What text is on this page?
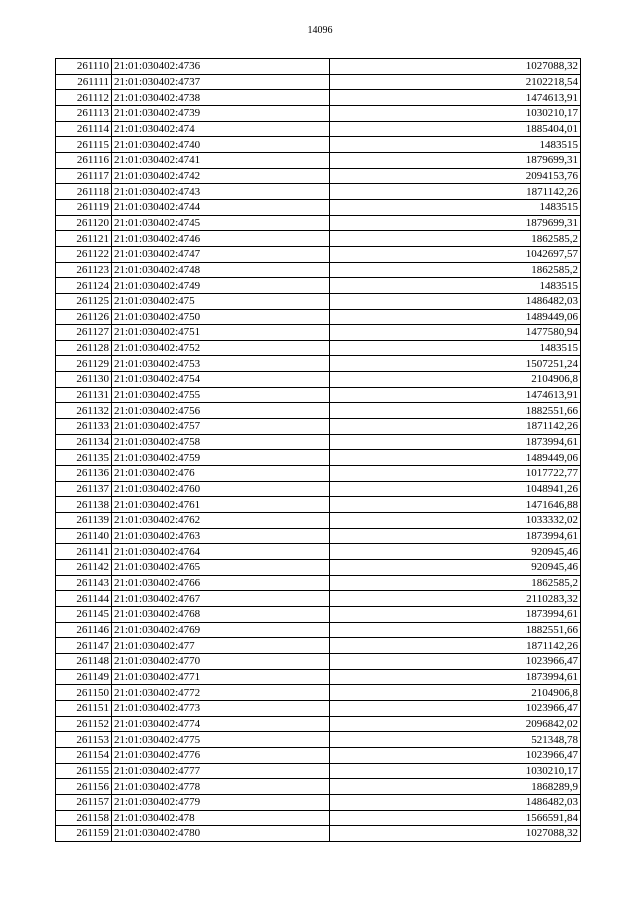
14096
261110	21:01:030402:4736	1027088,32
261111	21:01:030402:4737	2102218,54
261112	21:01:030402:4738	1474613,91
261113	21:01:030402:4739	1030210,17
261114	21:01:030402:474	1885404,01
261115	21:01:030402:4740	1483515
261116	21:01:030402:4741	1879699,31
261117	21:01:030402:4742	2094153,76
261118	21:01:030402:4743	1871142,26
261119	21:01:030402:4744	1483515
261120	21:01:030402:4745	1879699,31
261121	21:01:030402:4746	1862585,2
261122	21:01:030402:4747	1042697,57
261123	21:01:030402:4748	1862585,2
261124	21:01:030402:4749	1483515
261125	21:01:030402:475	1486482,03
261126	21:01:030402:4750	1489449,06
261127	21:01:030402:4751	1477580,94
261128	21:01:030402:4752	1483515
261129	21:01:030402:4753	1507251,24
261130	21:01:030402:4754	2104906,8
261131	21:01:030402:4755	1474613,91
261132	21:01:030402:4756	1882551,66
261133	21:01:030402:4757	1871142,26
261134	21:01:030402:4758	1873994,61
261135	21:01:030402:4759	1489449,06
261136	21:01:030402:476	1017722,77
261137	21:01:030402:4760	1048941,26
261138	21:01:030402:4761	1471646,88
261139	21:01:030402:4762	1033332,02
261140	21:01:030402:4763	1873994,61
261141	21:01:030402:4764	920945,46
261142	21:01:030402:4765	920945,46
261143	21:01:030402:4766	1862585,2
261144	21:01:030402:4767	2110283,32
261145	21:01:030402:4768	1873994,61
261146	21:01:030402:4769	1882551,66
261147	21:01:030402:477	1871142,26
261148	21:01:030402:4770	1023966,47
261149	21:01:030402:4771	1873994,61
261150	21:01:030402:4772	2104906,8
261151	21:01:030402:4773	1023966,47
261152	21:01:030402:4774	2096842,02
261153	21:01:030402:4775	521348,78
261154	21:01:030402:4776	1023966,47
261155	21:01:030402:4777	1030210,17
261156	21:01:030402:4778	1868289,9
261157	21:01:030402:4779	1486482,03
261158	21:01:030402:478	1566591,84
261159	21:01:030402:4780	1027088,32
